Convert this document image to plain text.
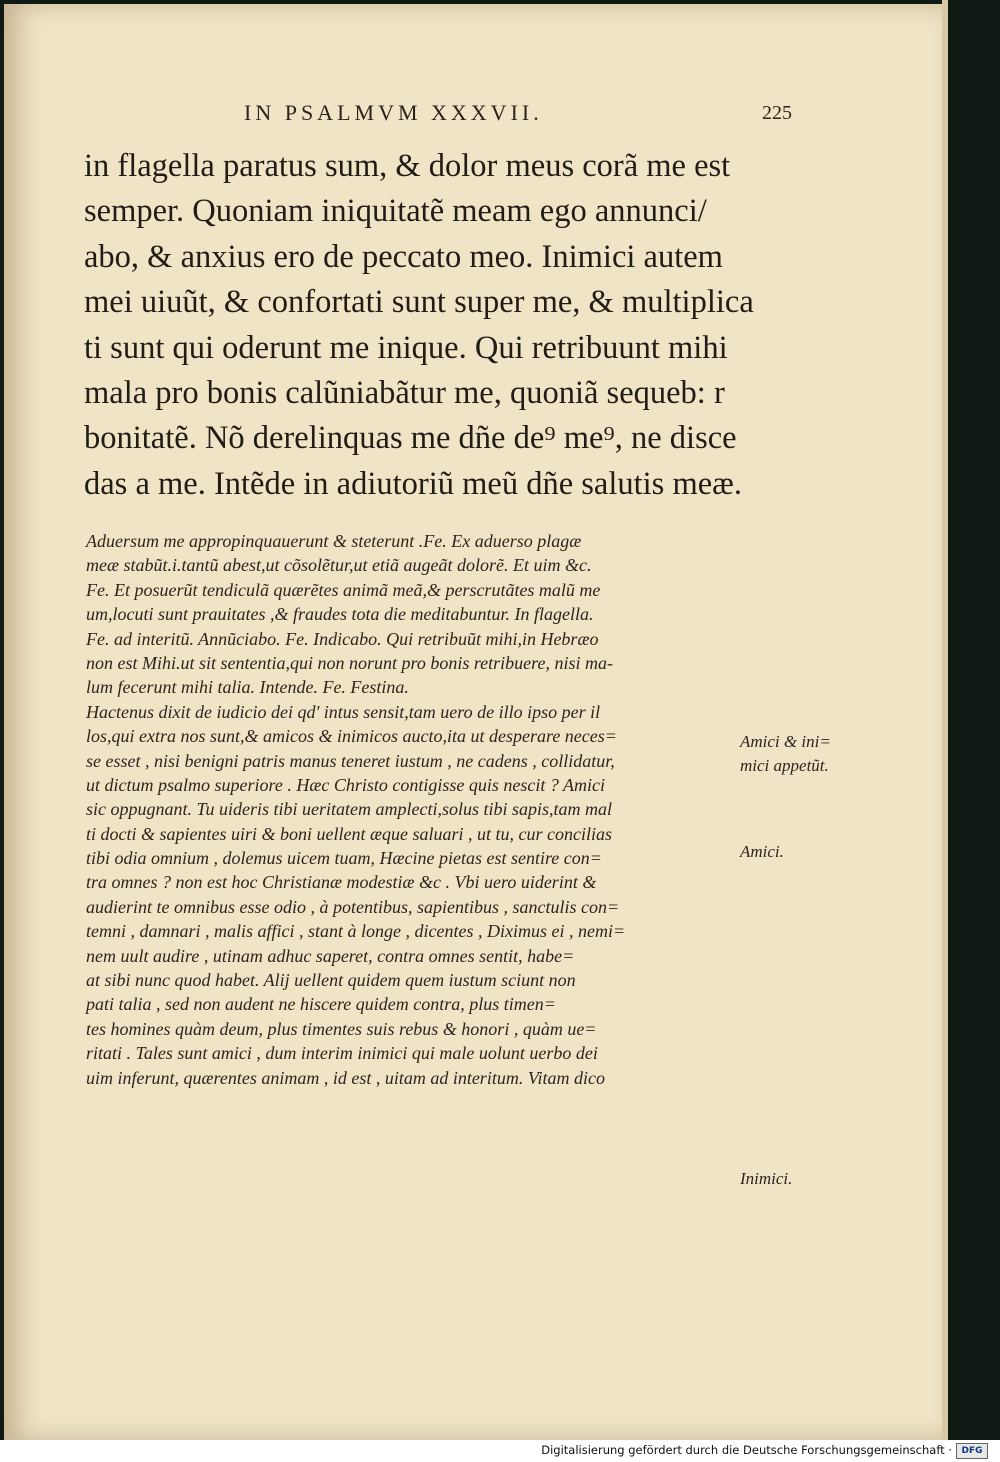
IN PSALMVM XXXVII.	225
in flagella paratus sum, & dolor meus corã me est
semper. Quoniam iniquitatẽ meam ego annunci/
abo, & anxius ero de peccato meo. Inimici autem
mei uiuũt, & confortati sunt super me, & multiplica
ti sunt qui oderunt me inique. Qui retribuunt mihi
mala pro bonis calũniabãtur me, quoniã sequeb: r
bonitatẽ. Nõ derelinquas me dñe de⁹ me⁹, ne disce
das a me. Intẽde in adiutoriũ meũ dñe salutis meæ.
Aduersum me appropinquauerunt & steterunt .Fe. Ex aduerso plagæ
meæ stabũt.i.tantũ abest,ut cõsolẽtur,ut etiã augeãt dolorẽ. Et uim &c.
Fe. Et posuerũt tendiculã quærẽtes animã meã,& perscrutãtes malũ me
um,locuti sunt prauitates ,& fraudes tota die meditabuntur. In flagella.
Fe. ad interitũ. Annũciabo. Fe. Indicabo. Qui retribuũt mihi,in Hebræo
non est Mihi.ut sit sententia,qui non norunt pro bonis retribuere, nisi ma-
lum fecerunt mihi talia. Intende. Fe. Festina.
Hactenus dixit de iudicio dei qd' intus sensit,tam uero de illo ipso per il
los,qui extra nos sunt,& amicos & inimicos aucto,ita ut desperare neces=
se esset , nisi benigni patris manus teneret iustum , ne cadens , collidatur,
ut dictum psalmo superiore . Hæc Christo contigisse quis nescit ? Amici
sic oppugnant. Tu uideris tibi ueritatem amplecti,solus tibi sapis,tam mal
ti docti & sapientes uiri & boni uellent æque saluari , ut tu, cur concilias
tibi odia omnium , dolemus uicem tuam, Hæcine pietas est sentire con=
tra omnes ? non est hoc Christianæ modestiæ &c . Vbi uero uiderint &
audierint te omnibus esse odio , à potentibus, sapientibus , sanctulis con=
temni , damnari , malis affici , stant à longe , dicentes , Diximus ei , nemi=
nem uult audire , utinam adhuc saperet, contra omnes sentit, habe=
at sibi nunc quod habet. Alij uellent quidem quem iustum sciunt non
pati talia , sed non audent ne hiscere quidem contra, plus timen=
tes homines quàm deum, plus timentes suis rebus & honori , quàm ue=
ritati . Tales sunt amici , dum interim inimici qui male uolunt uerbo dei
uim inferunt, quærentes animam , id est , uitam ad interitum. Vitam dico
Amici & ini=
mici appetũt.
Amici.
Inimici.
Digitalisierung gefördert durch die Deutsche Forschungsgemeinschaft ·	DFG
